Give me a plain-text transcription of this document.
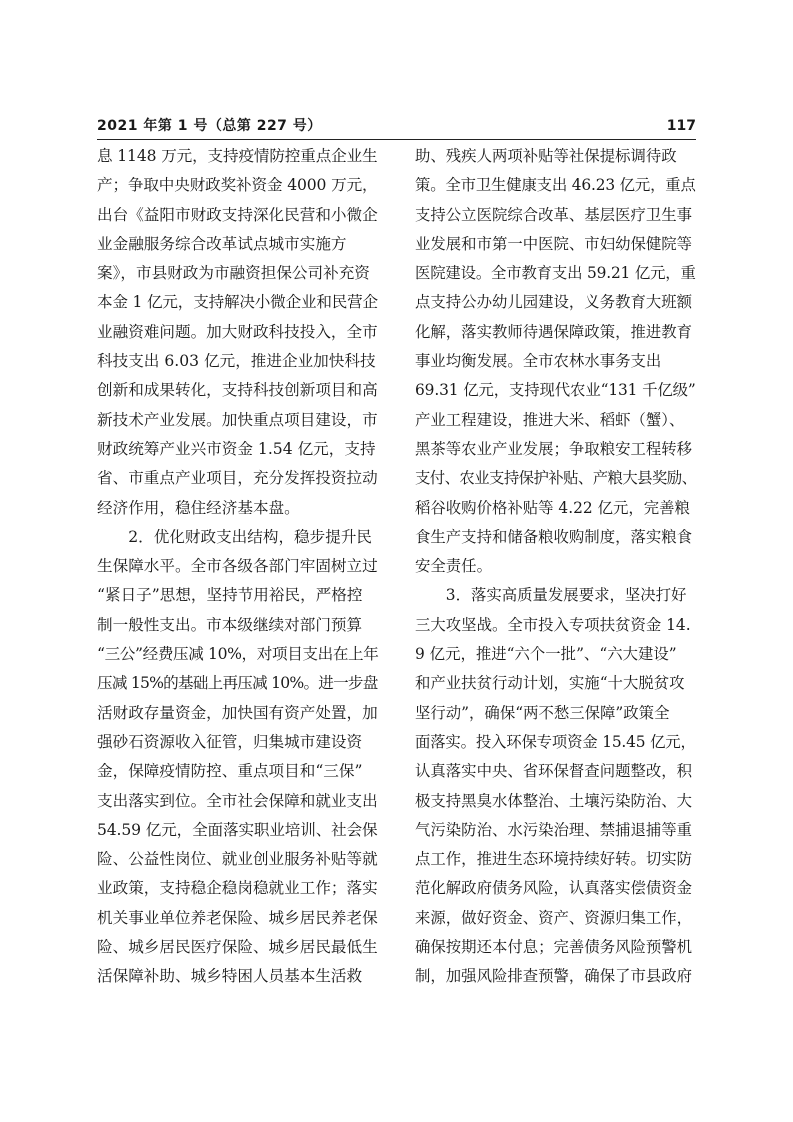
2021 年第 1 号（总第 227 号）	117
息 1148 万元，支持疫情防控重点企业生
产；争取中央财政奖补资金 4000 万元，
出台《益阳市财政支持深化民营和小微企
业金融服务综合改革试点城市实施方
案》，市县财政为市融资担保公司补充资
本金 1 亿元，支持解决小微企业和民营企
业融资难问题。加大财政科技投入，全市
科技支出 6.03 亿元，推进企业加快科技
创新和成果转化，支持科技创新项目和高
新技术产业发展。加快重点项目建设，市
财政统筹产业兴市资金 1.54 亿元，支持
省、市重点产业项目，充分发挥投资拉动
经济作用，稳住经济基本盘。
　　2．优化财政支出结构，稳步提升民
生保障水平。全市各级各部门牢固树立过
“紧日子”思想，坚持节用裕民，严格控
制一般性支出。市本级继续对部门预算
“三公”经费压减 10%，对项目支出在上年
压减 15%的基础上再压减 10%。进一步盘
活财政存量资金，加快国有资产处置，加
强砂石资源收入征管，归集城市建设资
金，保障疫情防控、重点项目和“三保”
支出落实到位。全市社会保障和就业支出
54.59 亿元，全面落实职业培训、社会保
险、公益性岗位、就业创业服务补贴等就
业政策，支持稳企稳岗稳就业工作；落实
机关事业单位养老保险、城乡居民养老保
险、城乡居民医疗保险、城乡居民最低生
活保障补助、城乡特困人员基本生活救
助、残疾人两项补贴等社保提标调待政
策。全市卫生健康支出 46.23 亿元，重点
支持公立医院综合改革、基层医疗卫生事
业发展和市第一中医院、市妇幼保健院等
医院建设。全市教育支出 59.21 亿元，重
点支持公办幼儿园建设，义务教育大班额
化解，落实教师待遇保障政策，推进教育
事业均衡发展。全市农林水事务支出
69.31 亿元，支持现代农业“131 千亿级”
产业工程建设，推进大米、稻虾（蟹）、
黑茶等农业产业发展；争取粮安工程转移
支付、农业支持保护补贴、产粮大县奖励、
稻谷收购价格补贴等 4.22 亿元，完善粮
食生产支持和储备粮收购制度，落实粮食
安全责任。
　　3．落实高质量发展要求，坚决打好
三大攻坚战。全市投入专项扶贫资金 14.
9 亿元，推进“六个一批”、“六大建设”
和产业扶贫行动计划，实施“十大脱贫攻
坚行动”，确保“两不愁三保障”政策全
面落实。投入环保专项资金 15.45 亿元，
认真落实中央、省环保督查问题整改，积
极支持黑臭水体整治、土壤污染防治、大
气污染防治、水污染治理、禁捕退捕等重
点工作，推进生态环境持续好转。切实防
范化解政府债务风险，认真落实偿债资金
来源，做好资金、资产、资源归集工作，
确保按期还本付息；完善债务风险预警机
制，加强风险排查预警，确保了市县政府
